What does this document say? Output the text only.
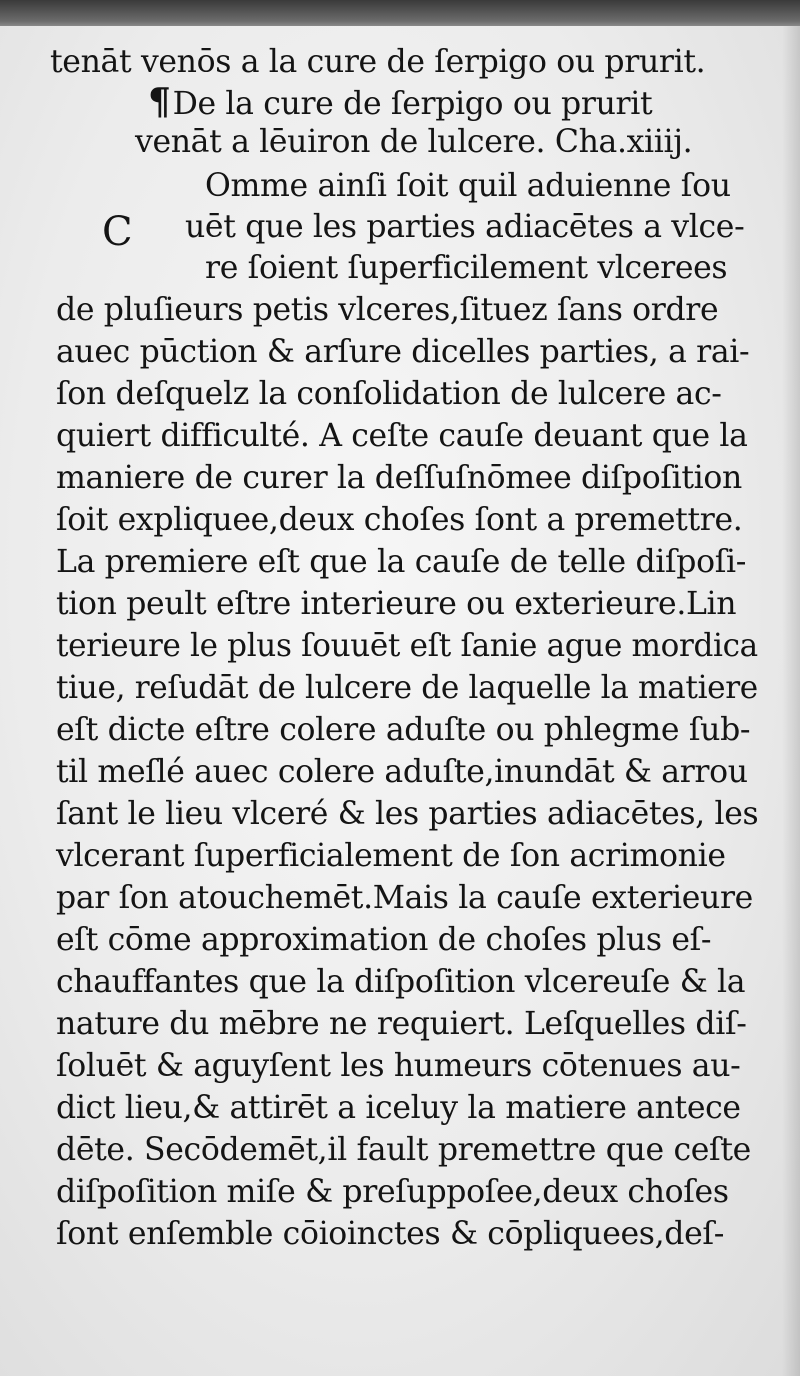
tenāt venōs a la cure de ſerpigo ou prurit.
¶De la cure de ſerpigo ou prurit
venāt a lēuiron de lulcere. Cha.xiiij.
Omme ainſi ſoit quil aduienne ſou
uēt que les parties adiacētes a vlce-
re ſoient ſuperficilement vlcerees
de pluſieurs petis vlceres,ſituez ſans ordre
auec pūction & arſure dicelles parties, a rai-
ſon deſquelz la conſolidation de lulcere ac-
quiert difficulté. A ceſte cauſe deuant que la
maniere de curer la deſſuſnōmee diſpoſition
ſoit expliquee,deux choſes ſont a premettre.
La premiere eſt que la cauſe de telle diſpoſi-
tion peult eſtre interieure ou exterieure.Lin
terieure le plus ſouuēt eſt ſanie ague mordica
tiue, reſudāt de lulcere de laquelle la matiere
eſt dicte eſtre colere aduſte ou phlegme ſub-
til meſlé auec colere aduſte,inundāt & arrou
ſant le lieu vlceré & les parties adiacētes, les
vlcerant ſuperficialement de ſon acrimonie
par ſon atouchemēt.Mais la cauſe exterieure
eſt cōme approximation de choſes plus eſ-
chauffantes que la diſpoſition vlcereuſe & la
nature du mēbre ne requiert. Leſquelles diſ-
ſoluēt & aguyſent les humeurs cōtenues au-
dict lieu,& attirēt a iceluy la matiere antece
dēte. Secōdemēt,il fault premettre que ceſte
diſpoſition miſe & preſuppoſee,deux choſes
ſont enſemble cōioinctes & cōpliquees,deſ-
C
